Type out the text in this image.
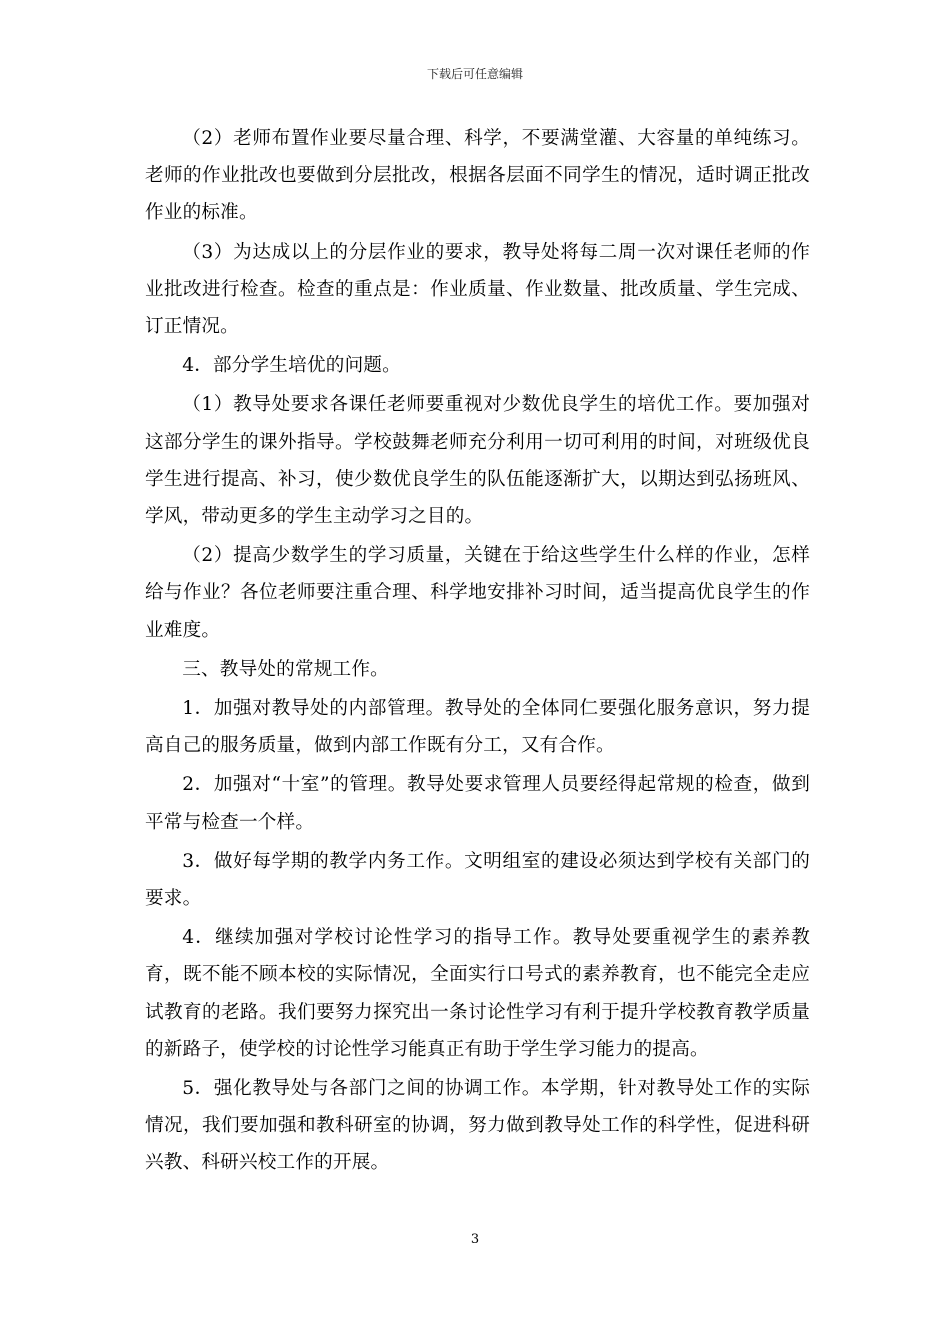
下载后可任意编辑

（2）老师布置作业要尽量合理、科学，不要满堂灌、大容量的单纯练习。老师的作业批改也要做到分层批改，根据各层面不同学生的情况，适时调正批改作业的标准。

（3）为达成以上的分层作业的要求，教导处将每二周一次对课任老师的作业批改进行检查。检查的重点是：作业质量、作业数量、批改质量、学生完成、订正情况。

4．部分学生培优的问题。

（1）教导处要求各课任老师要重视对少数优良学生的培优工作。要加强对这部分学生的课外指导。学校鼓舞老师充分利用一切可利用的时间，对班级优良学生进行提高、补习，使少数优良学生的队伍能逐渐扩大，以期达到弘扬班风、学风，带动更多的学生主动学习之目的。

（2）提高少数学生的学习质量，关键在于给这些学生什么样的作业，怎样给与作业？各位老师要注重合理、科学地安排补习时间，适当提高优良学生的作业难度。

三、教导处的常规工作。

1．加强对教导处的内部管理。教导处的全体同仁要强化服务意识，努力提高自己的服务质量，做到内部工作既有分工，又有合作。

2．加强对“十室”的管理。教导处要求管理人员要经得起常规的检查，做到平常与检查一个样。

3．做好每学期的教学内务工作。文明组室的建设必须达到学校有关部门的要求。

4．继续加强对学校讨论性学习的指导工作。教导处要重视学生的素养教育，既不能不顾本校的实际情况，全面实行口号式的素养教育，也不能完全走应试教育的老路。我们要努力探究出一条讨论性学习有利于提升学校教育教学质量的新路子，使学校的讨论性学习能真正有助于学生学习能力的提高。

5．强化教导处与各部门之间的协调工作。本学期，针对教导处工作的实际情况，我们要加强和教科研室的协调，努力做到教导处工作的科学性，促进科研兴教、科研兴校工作的开展。

3
